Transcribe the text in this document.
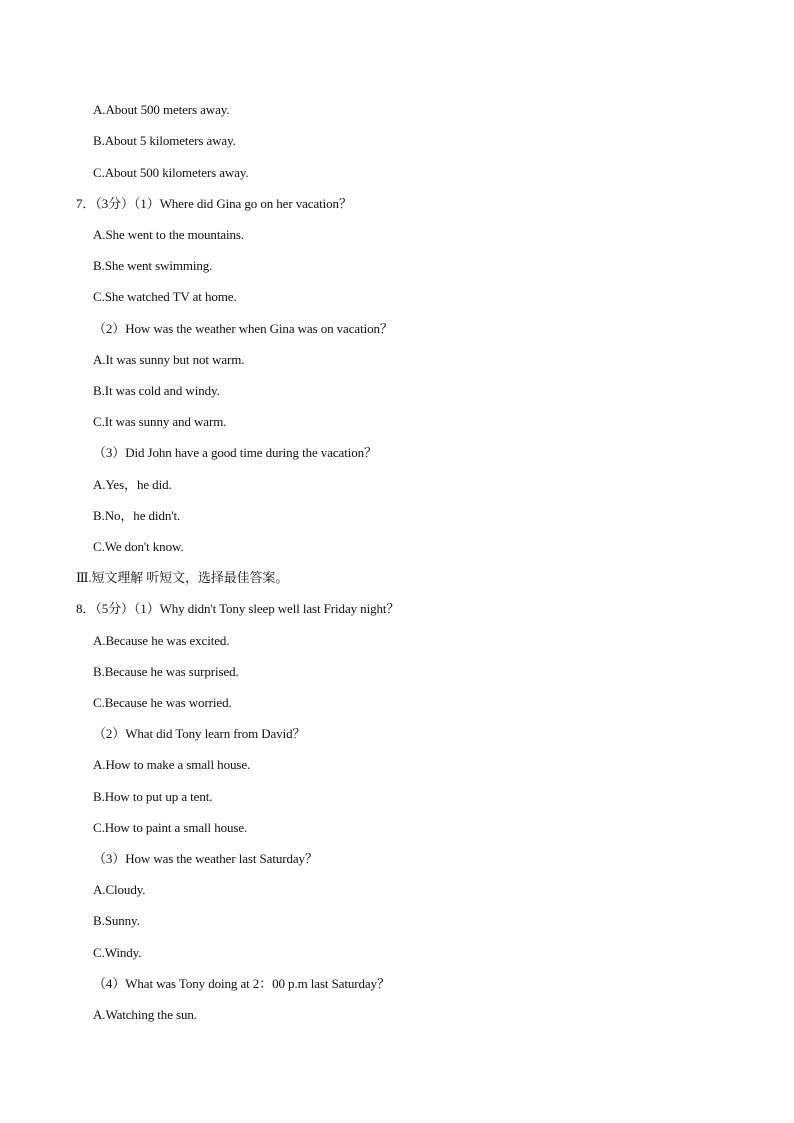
A.About 500 meters away.
B.About 5 kilometers away.
C.About 500 kilometers away.
7．（3分）（1）Where did Gina go on her vacation？
A.She went to the mountains.
B.She went swimming.
C.She watched TV at home.
（2）How was the weather when Gina was on vacation？
A.It was sunny but not warm.
B.It was cold and windy.
C.It was sunny and warm.
（3）Did John have a good time during the vacation？
A.Yes，he did.
B.No，he didn't.
C.We don't know.
Ⅲ.短文理解 听短文，选择最佳答案。
8．（5分）（1）Why didn't Tony sleep well last Friday night？
A.Because he was excited.
B.Because he was surprised.
C.Because he was worried.
（2）What did Tony learn from David？
A.How to make a small house.
B.How to put up a tent.
C.How to paint a small house.
（3）How was the weather last Saturday？
A.Cloudy.
B.Sunny.
C.Windy.
（4）What was Tony doing at 2：00 p.m last Saturday？
A.Watching the sun.
